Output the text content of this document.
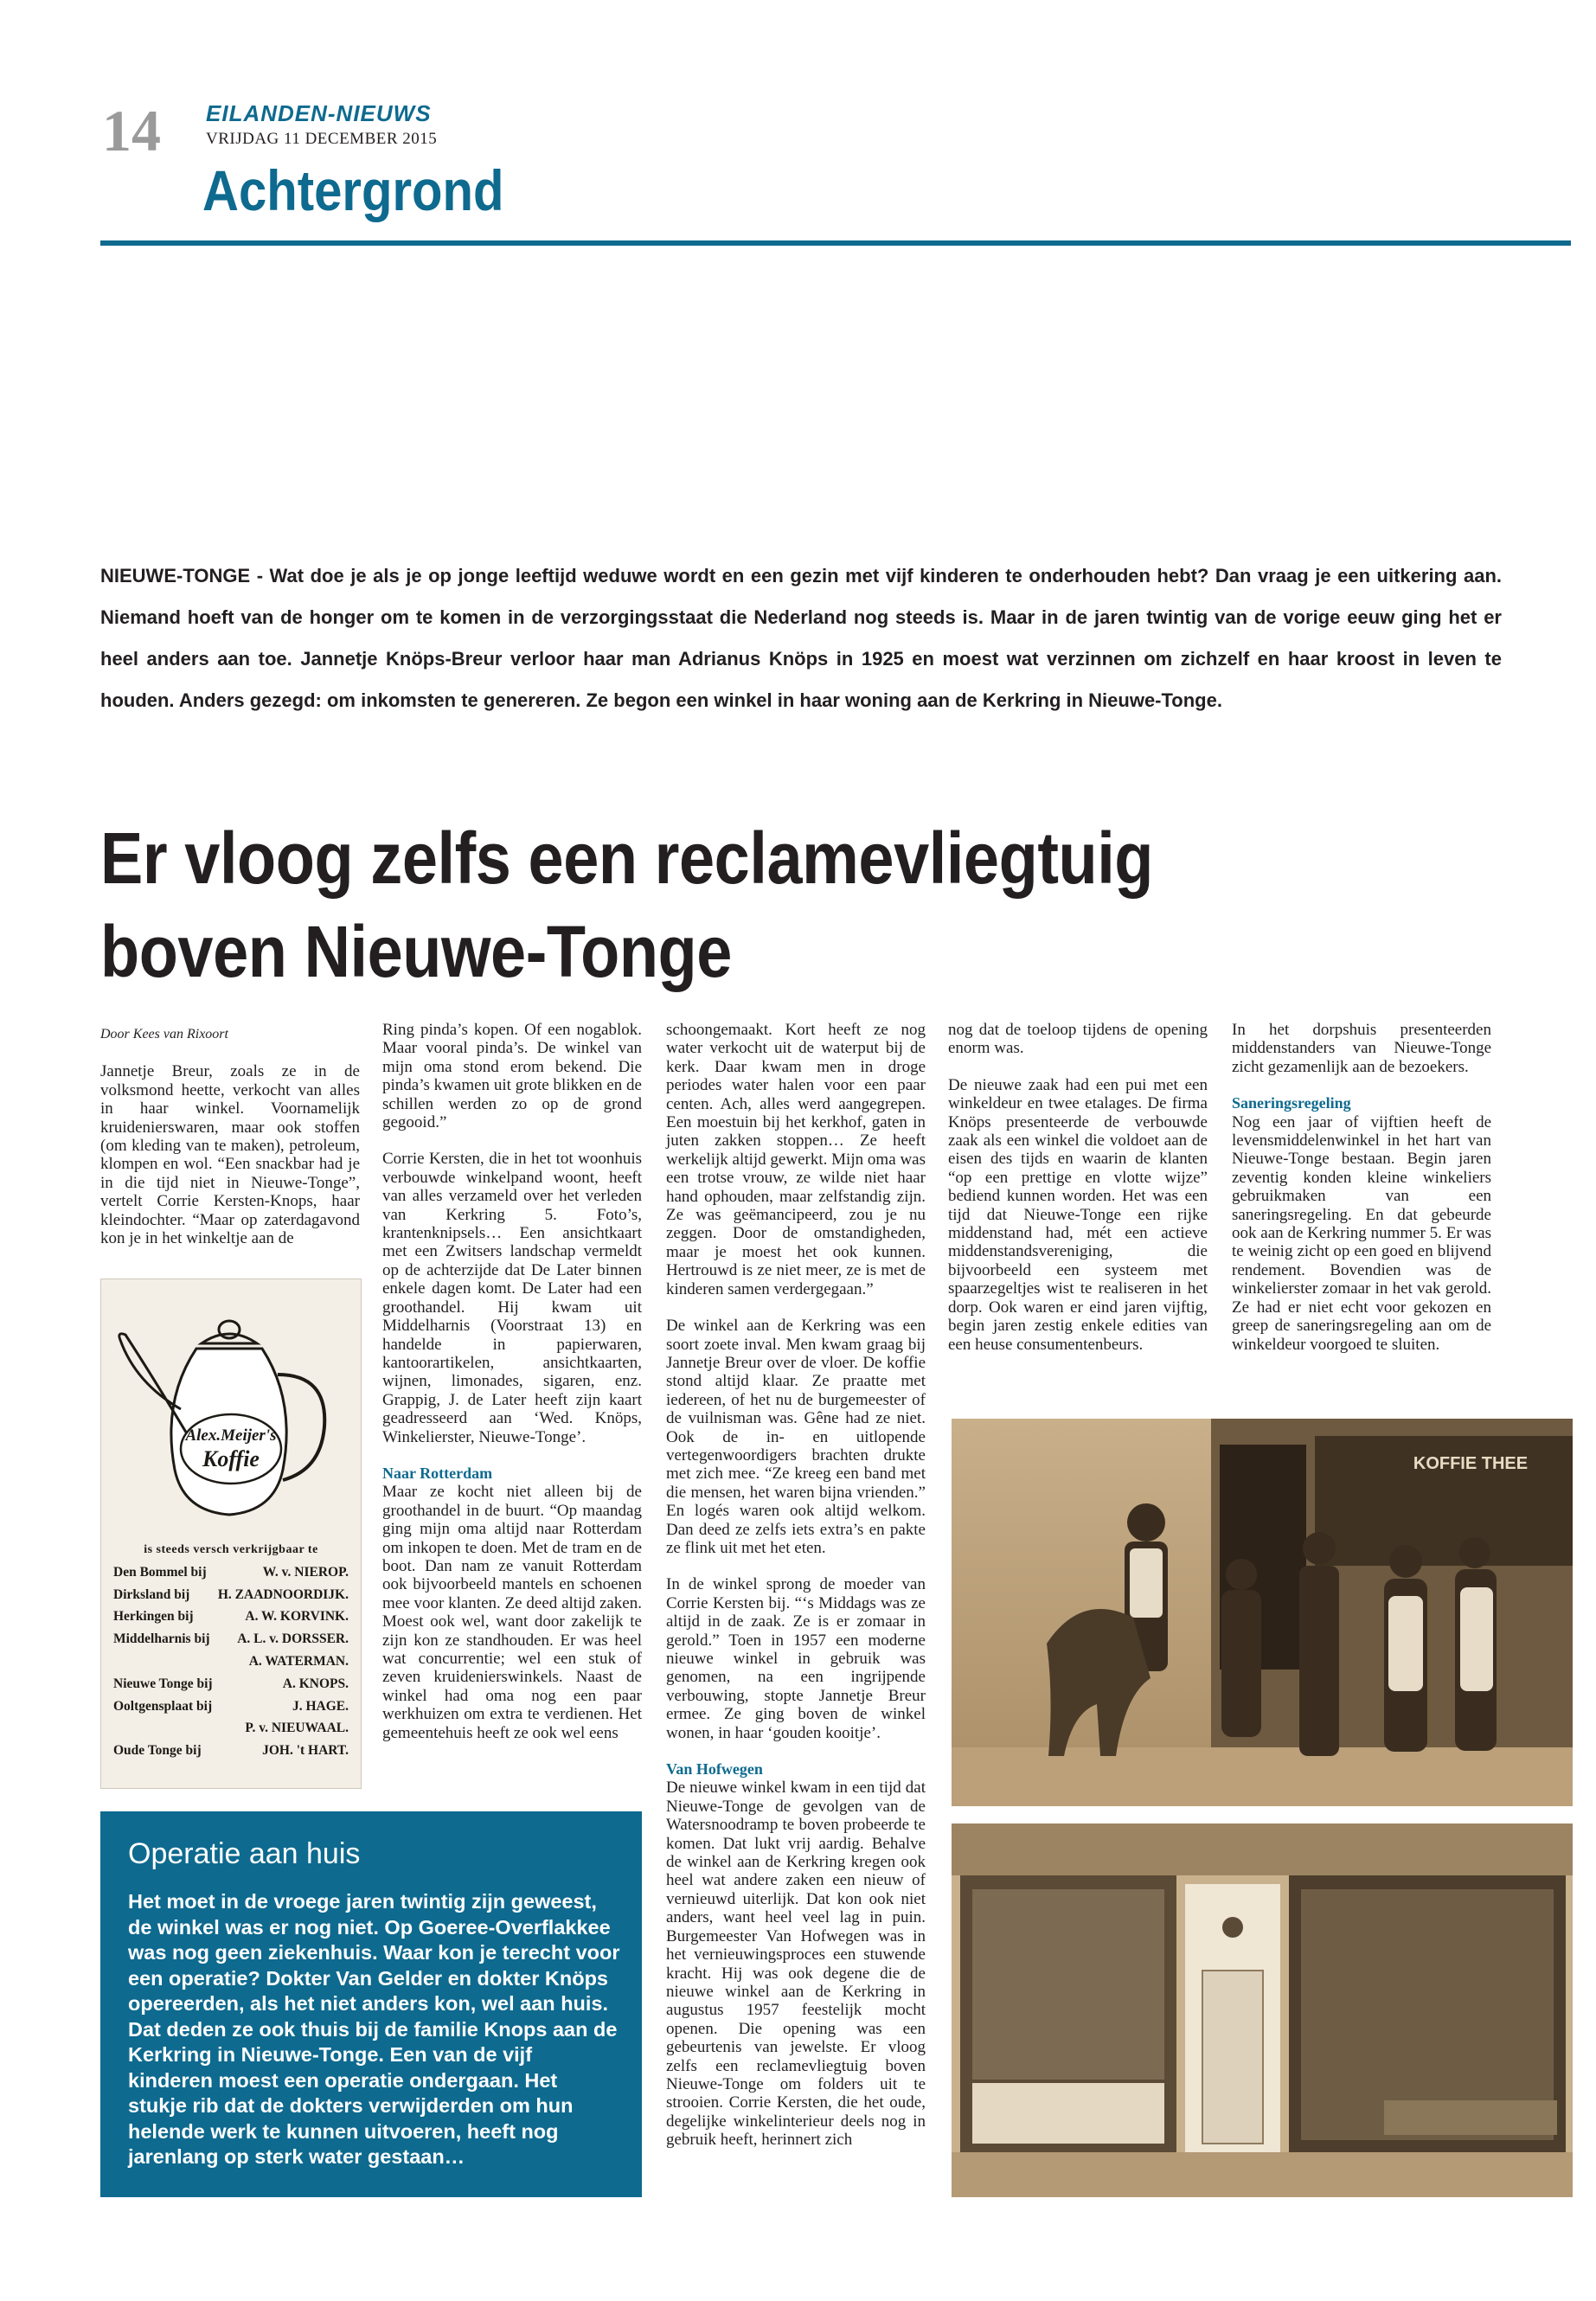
14 EILANDEN-NIEUWS
VRIJDAG 11 DECEMBER 2015
Achtergrond
NIEUWE-TONGE - Wat doe je als je op jonge leeftijd weduwe wordt en een gezin met vijf kinderen te onderhouden hebt? Dan vraag je een uitkering aan. Niemand hoeft van de honger om te komen in de verzorgingsstaat die Nederland nog steeds is. Maar in de jaren twintig van de vorige eeuw ging het er heel anders aan toe. Jannetje Knöps-Breur verloor haar man Adrianus Knöps in 1925 en moest wat verzinnen om zichzelf en haar kroost in leven te houden. Anders gezegd: om inkomsten te genereren. Ze begon een winkel in haar woning aan de Kerkring in Nieuwe-Tonge.
Er vloog zelfs een reclamevliegtuig
boven Nieuwe-Tonge

Door Kees van Rixoort

Jannetje Breur, zoals ze in de volksmond heette, verkocht van alles in haar winkel. Voornamelijk kruidenierswaren, maar ook stoffen (om kleding van te maken), petroleum, klompen en wol. “Een snackbar had je in die tijd niet in Nieuwe-Tonge”, vertelt Corrie Kersten-Knops, haar kleindochter. “Maar op zaterdagavond kon je in het winkeltje aan de

Alex.Meijer's
Koffie
is steeds versch verkrijgbaar te
Den Bommel bij	W. v. NIEROP.
Dirksland bij H. ZAADNOORDIJK.
Herkingen bij	A. W. KORVINK.
Middelharnis bij A. L. v. DORSSER.
A. WATERMAN.
Nieuwe Tonge bij	A. KNOPS.
Ooltgensplaat bij	J. HAGE.
P. v. NIEUWAAL.
Oude Tonge bij	JOH. 't HART.
Operatie aan huis
Het moet in de vroege jaren twintig zijn geweest, de winkel was er nog niet. Op Goeree-Overflakkee was nog geen ziekenhuis. Waar kon je terecht voor een operatie? Dokter Van Gelder en dokter Knöps opereerden, als het niet anders kon, wel aan huis. Dat deden ze ook thuis bij de familie Knops aan de Kerkring in Nieuwe-Tonge. Een van de vijf kinderen moest een operatie ondergaan. Het stukje rib dat de dokters verwijderden om hun helende werk te kunnen uitvoeren, heeft nog jarenlang op sterk water gestaan…

Ring pinda’s kopen. Of een nogablok. Maar vooral pinda’s. De winkel van mijn oma stond erom bekend. Die pinda’s kwamen uit grote blikken en de schillen werden zo op de grond gegooid.”

Corrie Kersten, die in het tot woonhuis verbouwde winkelpand woont, heeft van alles verzameld over het verleden van Kerkring 5. Foto’s, krantenknipsels… Een ansichtkaart met een Zwitsers landschap vermeldt op de achterzijde dat De Later binnen enkele dagen komt. De Later had een groothandel. Hij kwam uit Middelharnis (Voorstraat 13) en handelde in papierwaren, kantoorartikelen, ansichtkaarten, wijnen, limonades, sigaren, enz. Grappig, J. de Later heeft zijn kaart geadresseerd aan ‘Wed. Knöps, Winkelierster, Nieuwe-Tonge’.

Naar Rotterdam

Maar ze kocht niet alleen bij de groothandel in de buurt. “Op maandag ging mijn oma altijd naar Rotterdam om inkopen te doen. Met de tram en de boot. Dan nam ze vanuit Rotterdam ook bijvoorbeeld mantels en schoenen mee voor klanten. Ze deed altijd zaken. Moest ook wel, want door zakelijk te zijn kon ze standhouden. Er was heel wat concurrentie; wel een stuk of zeven kruidenierswinkels. Naast de winkel had oma nog een paar werkhuizen om extra te verdienen. Het gemeentehuis heeft ze ook wel eens

schoongemaakt. Kort heeft ze nog water verkocht uit de waterput bij de kerk. Daar kwam men in droge periodes water halen voor een paar centen. Ach, alles werd aangegrepen. Een moestuin bij het kerkhof, gaten in juten zakken stoppen… Ze heeft werkelijk altijd gewerkt. Mijn oma was een trotse vrouw, ze wilde niet haar hand ophouden, maar zelfstandig zijn. Ze was geëmancipeerd, zou je nu zeggen. Door de omstandigheden, maar je moest het ook kunnen. Hertrouwd is ze niet meer, ze is met de kinderen samen verdergegaan.”

De winkel aan de Kerkring was een soort zoete inval. Men kwam graag bij Jannetje Breur over de vloer. De koffie stond altijd klaar. Ze praatte met iedereen, of het nu de burgemeester of de vuilnisman was. Gêne had ze niet. Ook de in- en uitlopende vertegenwoordigers brachten drukte met zich mee. “Ze kreeg een band met die mensen, het waren bijna vrienden.” En logés waren ook altijd welkom. Dan deed ze zelfs iets extra’s en pakte ze flink uit met het eten.

In de winkel sprong de moeder van Corrie Kersten bij. “‘s Middags was ze altijd in de zaak. Ze is er zomaar in gerold.” Toen in 1957 een moderne nieuwe winkel in gebruik was genomen, na een ingrijpende verbouwing, stopte Jannetje Breur ermee. Ze ging boven de winkel wonen, in haar ‘gouden kooitje’.

Van Hofwegen

De nieuwe winkel kwam in een tijd dat Nieuwe-Tonge de gevolgen van de Watersnoodramp te boven probeerde te komen. Dat lukt vrij aardig. Behalve de winkel aan de Kerkring kregen ook heel wat andere zaken een nieuw of vernieuwd uiterlijk. Dat kon ook niet anders, want heel veel lag in puin. Burgemeester Van Hofwegen was in het vernieuwingsproces een stuwende kracht. Hij was ook degene die de nieuwe winkel aan de Kerkring in augustus 1957 feestelijk mocht openen. Die opening was een gebeurtenis van jewelste. Er vloog zelfs een reclamevliegtuig boven Nieuwe-Tonge om folders uit te strooien. Corrie Kersten, die het oude, degelijke winkelinterieur deels nog in gebruik heeft, herinnert zich

nog dat de toeloop tijdens de opening enorm was.

De nieuwe zaak had een pui met een winkeldeur en twee etalages. De firma Knöps presenteerde de verbouwde zaak als een winkel die voldoet aan de eisen des tijds en waarin de klanten “op een prettige en vlotte wijze” bediend kunnen worden. Het was een tijd dat Nieuwe-Tonge een rijke middenstand had, mét een actieve middenstandsvereniging, die bijvoorbeeld een systeem met spaarzegeltjes wist te realiseren in het dorp. Ook waren er eind jaren vijftig, begin jaren zestig enkele edities van een heuse consumentenbeurs.

In het dorpshuis presenteerden middenstanders van Nieuwe-Tonge zicht gezamenlijk aan de bezoekers.

Saneringsregeling

Nog een jaar of vijftien heeft de levensmiddelenwinkel in het hart van Nieuwe-Tonge bestaan. Begin jaren zeventig konden kleine winkeliers gebruikmaken van een saneringsregeling. En dat gebeurde ook aan de Kerkring nummer 5. Er was te weinig zicht op een goed en blijvend rendement. Bovendien was de winkelierster zomaar in het vak gerold. Ze had er niet echt voor gekozen en greep de saneringsregeling aan om de winkeldeur voorgoed te sluiten.

KOFFIE THEE
